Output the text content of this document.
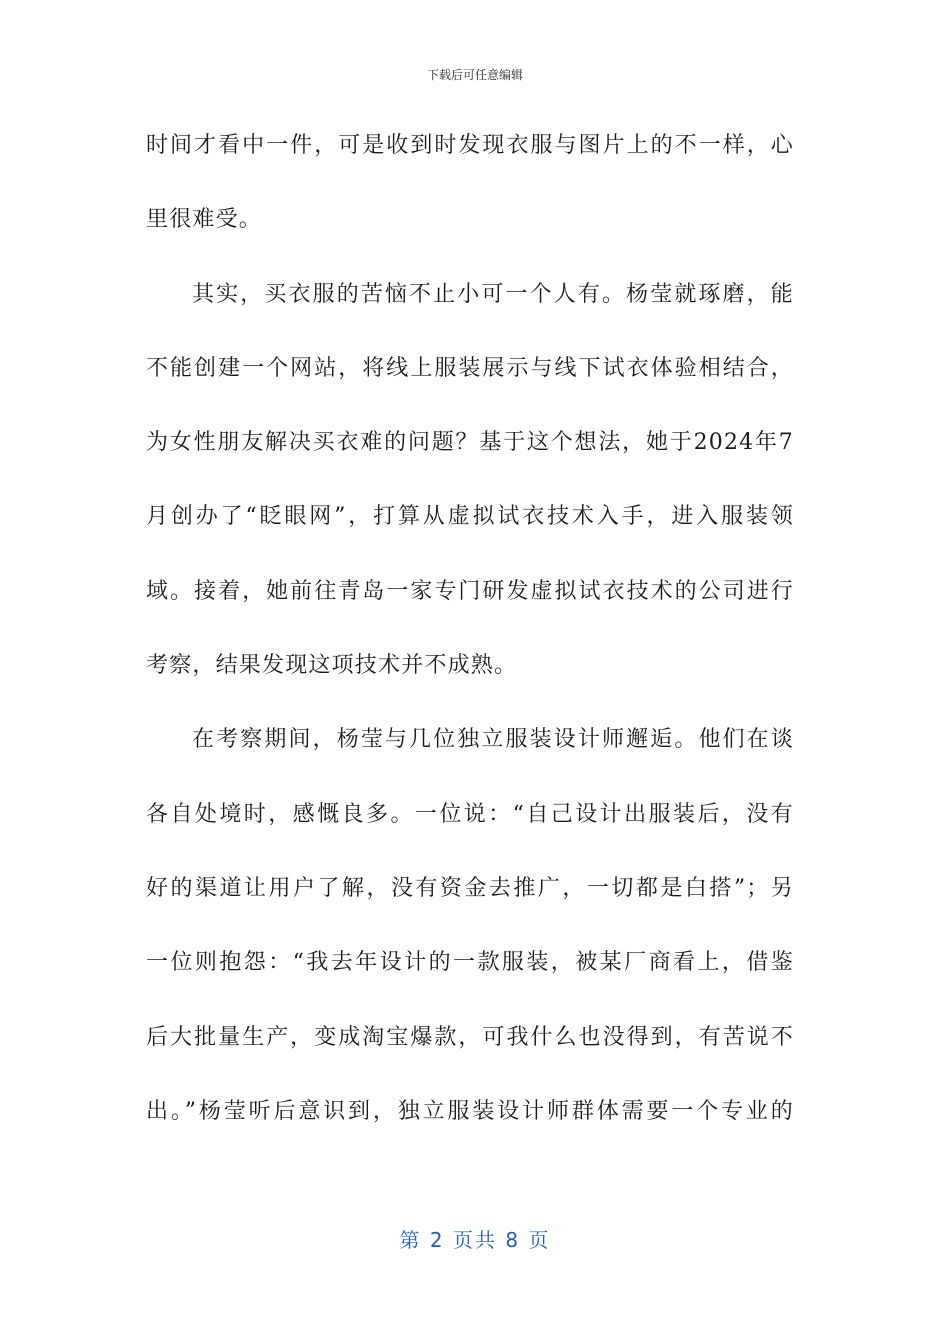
下载后可任意编辑
时间才看中一件，可是收到时发现衣服与图片上的不一样，心
里很难受。
其实，买衣服的苦恼不止小可一个人有。杨莹就琢磨，能
不能创建一个网站，将线上服装展示与线下试衣体验相结合，
为女性朋友解决买衣难的问题？基于这个想法，她于2024年7
月创办了“眨眼网”，打算从虚拟试衣技术入手，进入服装领
域。接着，她前往青岛一家专门研发虚拟试衣技术的公司进行
考察，结果发现这项技术并不成熟。
在考察期间，杨莹与几位独立服装设计师邂逅。他们在谈
各自处境时，感慨良多。一位说：“自己设计出服装后，没有
好的渠道让用户了解，没有资金去推广，一切都是白搭”；另
一位则抱怨：“我去年设计的一款服装，被某厂商看上，借鉴
后大批量生产，变成淘宝爆款，可我什么也没得到，有苦说不
出。”杨莹听后意识到，独立服装设计师群体需要一个专业的
第 2 页共 8 页
